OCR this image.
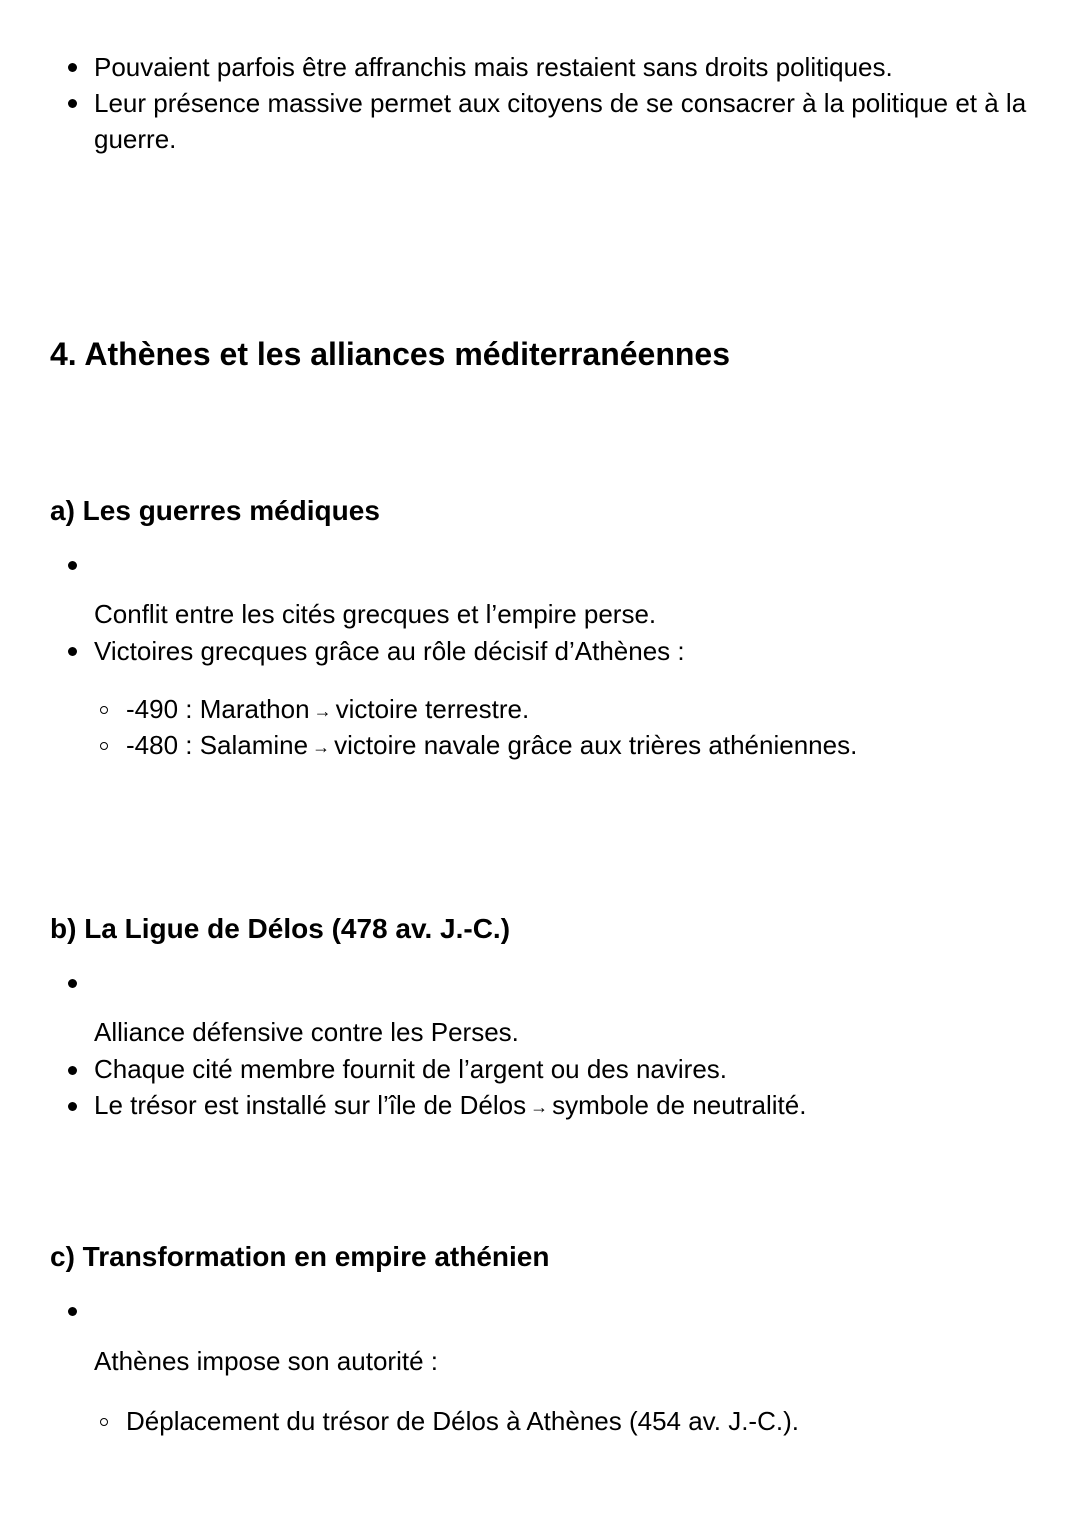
Pouvaient parfois être affranchis mais restaient sans droits politiques.
Leur présence massive permet aux citoyens de se consacrer à la politique et à la
guerre.
4. Athènes et les alliances méditerranéennes
a) Les guerres médiques
Conflit entre les cités grecques et l’empire perse.
Victoires grecques grâce au rôle décisif d’Athènes :
-490 : Marathon → victoire terrestre.
-480 : Salamine → victoire navale grâce aux trières athéniennes.
b) La Ligue de Délos (478 av. J.-C.)
Alliance défensive contre les Perses.
Chaque cité membre fournit de l’argent ou des navires.
Le trésor est installé sur l’île de Délos → symbole de neutralité.
c) Transformation en empire athénien
Athènes impose son autorité :
Déplacement du trésor de Délos à Athènes (454 av. J.-C.).
